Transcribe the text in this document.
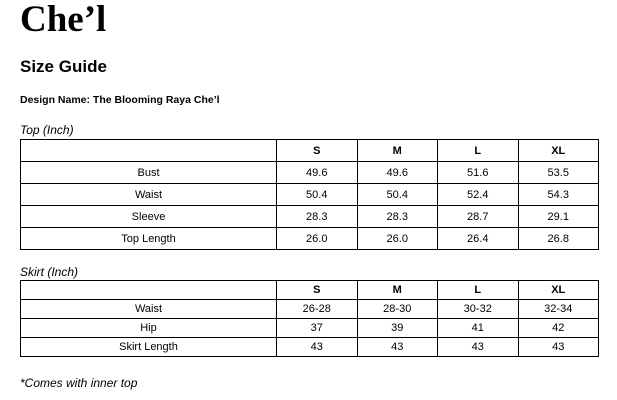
Che’l
Size Guide
Design Name: The Blooming Raya Che’l
Top (Inch)
	S	M	L	XL
Bust	49.6	49.6	51.6	53.5
Waist	50.4	50.4	52.4	54.3
Sleeve	28.3	28.3	28.7	29.1
Top Length	26.0	26.0	26.4	26.8
Skirt (Inch)
	S	M	L	XL
Waist	26-28	28-30	30-32	32-34
Hip	37	39	41	42
Skirt Length	43	43	43	43
*Comes with inner top
